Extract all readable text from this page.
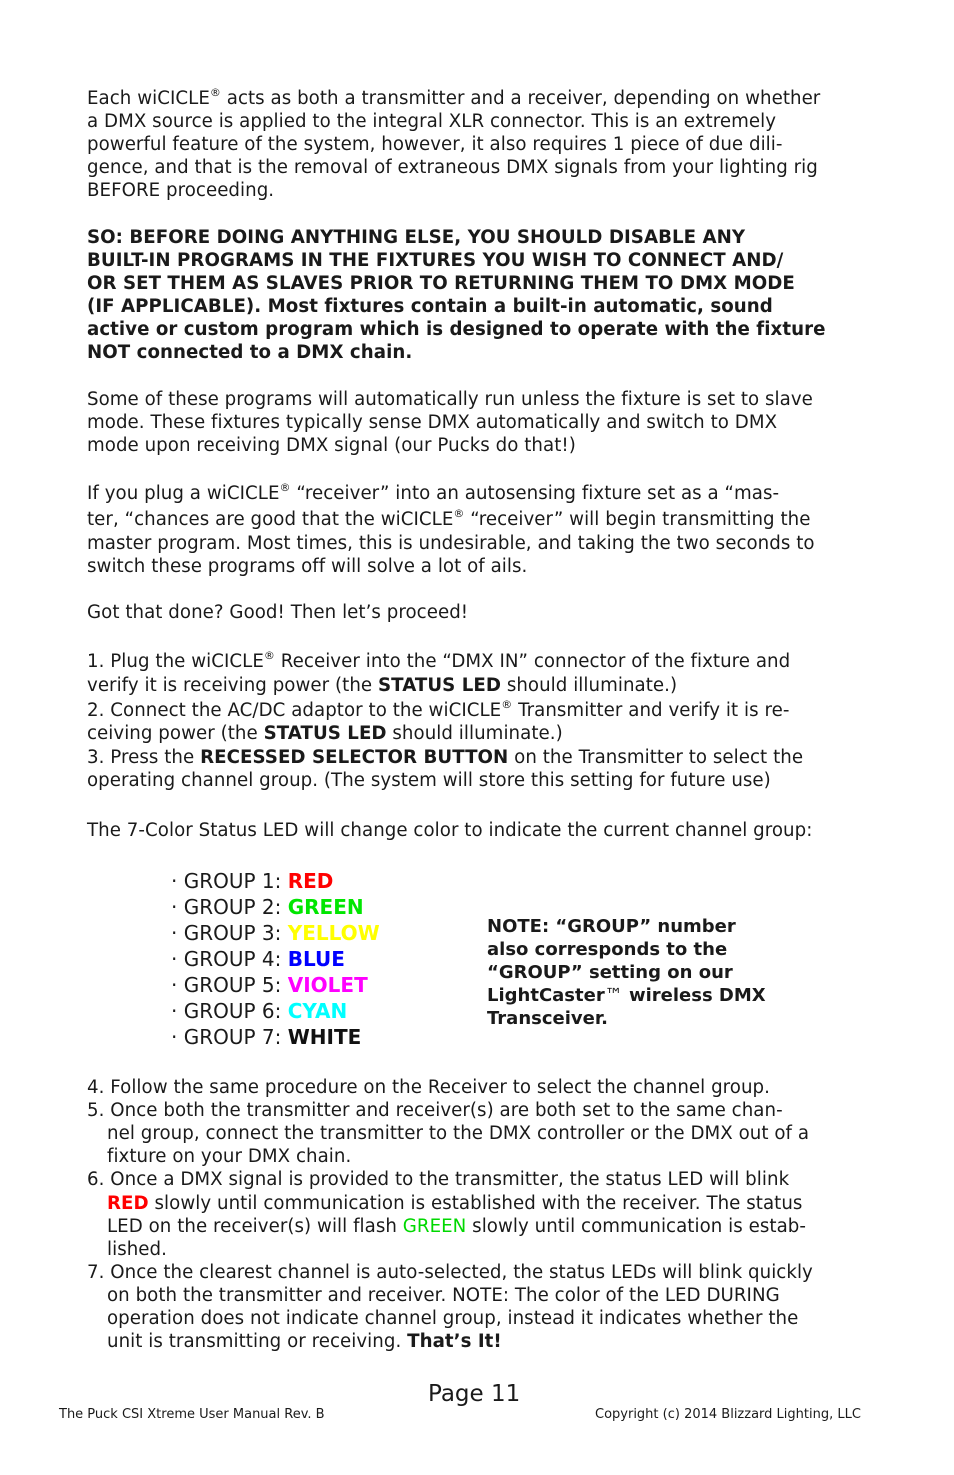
Each wiCICLE® acts as both a transmitter and a receiver, depending on whether
a DMX source is applied to the integral XLR connector. This is an extremely
powerful feature of the system, however, it also requires 1 piece of due dili-
gence, and that is the removal of extraneous DMX signals from your lighting rig
BEFORE proceeding.
SO: BEFORE DOING ANYTHING ELSE, YOU SHOULD DISABLE ANY
BUILT-IN PROGRAMS IN THE FIXTURES YOU WISH TO CONNECT AND/
OR SET THEM AS SLAVES PRIOR TO RETURNING THEM TO DMX MODE
(IF APPLICABLE). Most fixtures contain a built-in automatic, sound
active or custom program which is designed to operate with the fixture
NOT connected to a DMX chain.
Some of these programs will automatically run unless the fixture is set to slave
mode. These fixtures typically sense DMX automatically and switch to DMX
mode upon receiving DMX signal (our Pucks do that!)
If you plug a wiCICLE® “receiver” into an autosensing fixture set as a “mas-
ter, “chances are good that the wiCICLE® “receiver” will begin transmitting the
master program. Most times, this is undesirable, and taking the two seconds to
switch these programs off will solve a lot of ails.
Got that done? Good! Then let’s proceed!
1. Plug the wiCICLE® Receiver into the “DMX IN” connector of the fixture and
verify it is receiving power (the STATUS LED should illuminate.)
2. Connect the AC/DC adaptor to the wiCICLE® Transmitter and verify it is re-
ceiving power (the STATUS LED should illuminate.)
3. Press the RECESSED SELECTOR BUTTON on the Transmitter to select the
operating channel group. (The system will store this setting for future use)
The 7-Color Status LED will change color to indicate the current channel group:
· GROUP 1: RED
· GROUP 2: GREEN
· GROUP 3: YELLOW
· GROUP 4: BLUE
· GROUP 5: VIOLET
· GROUP 6: CYAN
· GROUP 7: WHITE
NOTE: “GROUP” number
also corresponds to the
“GROUP” setting on our
LightCaster™ wireless DMX
Transceiver.
4. Follow the same procedure on the Receiver to select the channel group.
5. Once both the transmitter and receiver(s) are both set to the same chan-
nel group, connect the transmitter to the DMX controller or the DMX out of a
fixture on your DMX chain.
6. Once a DMX signal is provided to the transmitter, the status LED will blink
RED slowly until communication is established with the receiver. The status
LED on the receiver(s) will flash GREEN slowly until communication is estab-
lished.
7. Once the clearest channel is auto-selected, the status LEDs will blink quickly
on both the transmitter and receiver. NOTE: The color of the LED DURING
operation does not indicate channel group, instead it indicates whether the
unit is transmitting or receiving. That’s It!
Page 11
The Puck CSI Xtreme User Manual Rev. B	Copyright (c) 2014 Blizzard Lighting, LLC
